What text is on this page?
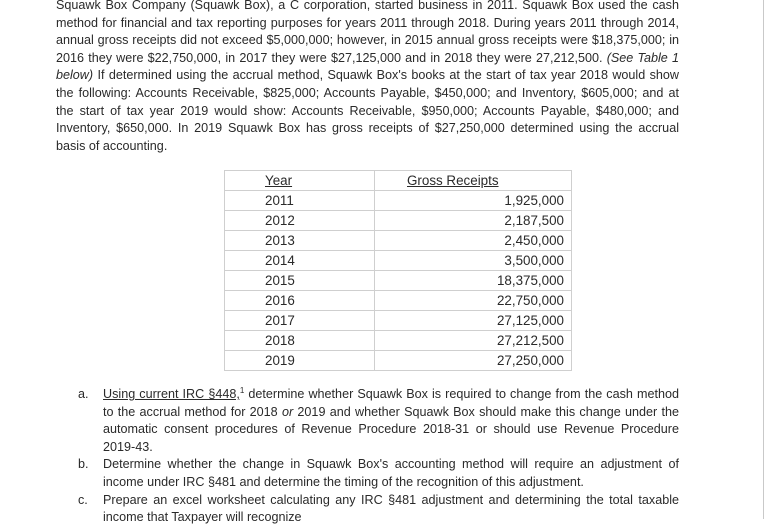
Squawk Box Company (Squawk Box), a C corporation, started business in 2011. Squawk Box used the cash method for financial and tax reporting purposes for years 2011 through 2018. During years 2011 through 2014, annual gross receipts did not exceed $5,000,000; however, in 2015 annual gross receipts were $18,375,000; in 2016 they were $22,750,000, in 2017 they were $27,125,000 and in 2018 they were 27,212,500. (See Table 1 below) If determined using the accrual method, Squawk Box's books at the start of tax year 2018 would show the following: Accounts Receivable, $825,000; Accounts Payable, $450,000; and Inventory, $605,000; and at the start of tax year 2019 would show: Accounts Receivable, $950,000; Accounts Payable, $480,000; and Inventory, $650,000. In 2019 Squawk Box has gross receipts of $27,250,000 determined using the accrual basis of accounting.

Year	Gross Receipts
2011	1,925,000
2012	2,187,500
2013	2,450,000
2014	3,500,000
2015	18,375,000
2016	22,750,000
2017	27,125,000
2018	27,212,500
2019	27,250,000
a. Using current IRC §448,$^1$ determine whether Squawk Box is required to change from the cash method to the accrual method for 2018 or 2019 and whether Squawk Box should make this change under the automatic consent procedures of Revenue Procedure 2018-31 or should use Revenue Procedure 2019-43.
b. Determine whether the change in Squawk Box's accounting method will require an adjustment of income under IRC §481 and determine the timing of the recognition of this adjustment.
c. Prepare an excel worksheet calculating any IRC §481 adjustment and determining the total taxable income that Taxpayer will recognize
